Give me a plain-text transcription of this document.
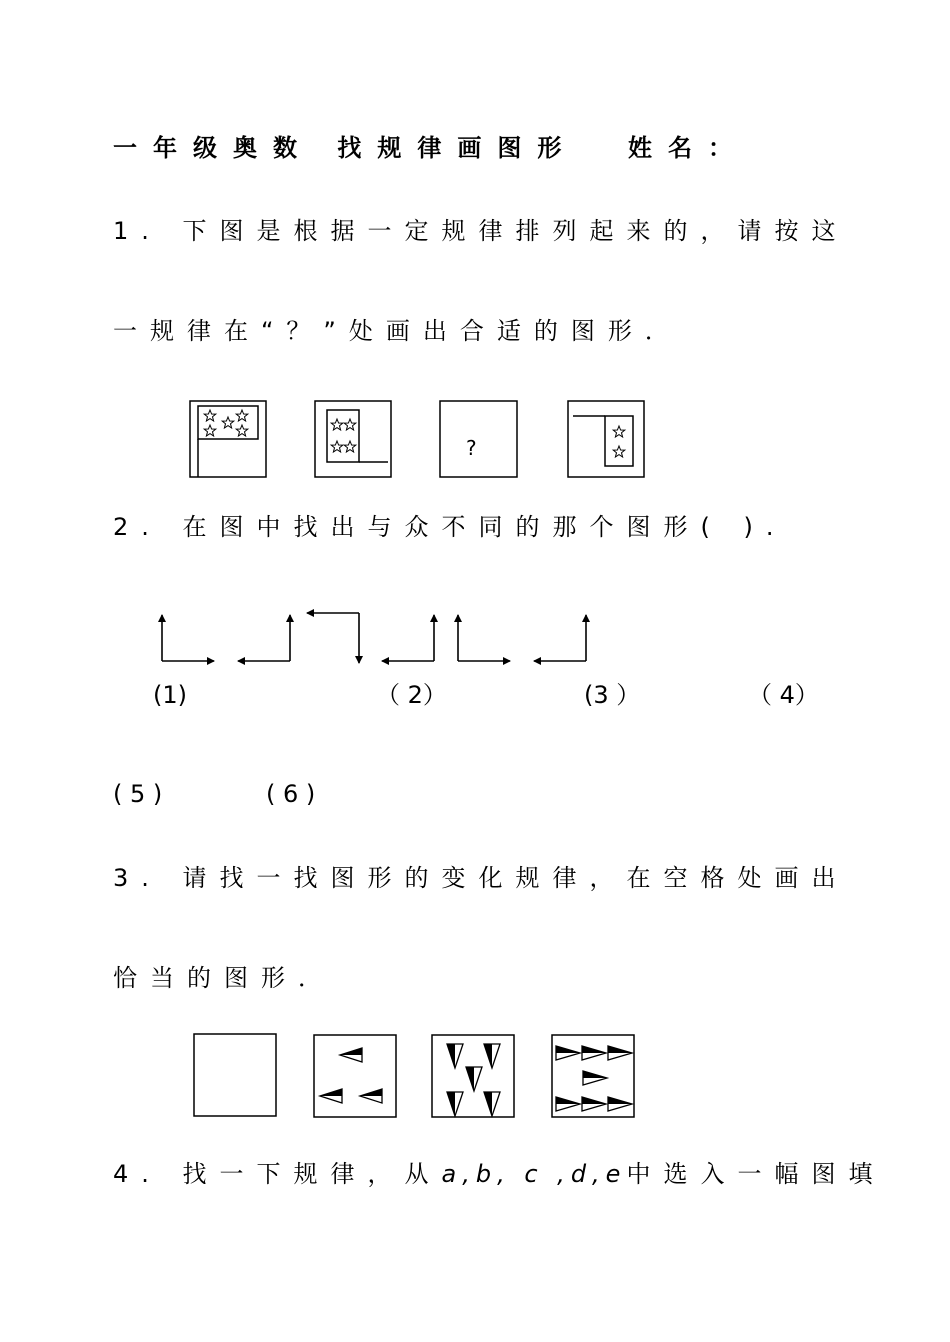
一年级奥数 找规律画图形 姓名：
1. 下图是根据一定规律排列起来的，请按这
一规律在“？”处画出合适的图形．
?
2. 在图中找出与众不同的那个图形( ).
(1)	（ 2）	(3 ）	（ 4）
( 5 )	( 6 )
3. 请找一找图形的变化规律，在空格处画出
恰当的图形．
4. 找一下规律，从a,b, c ,d,e中选入一幅图填
